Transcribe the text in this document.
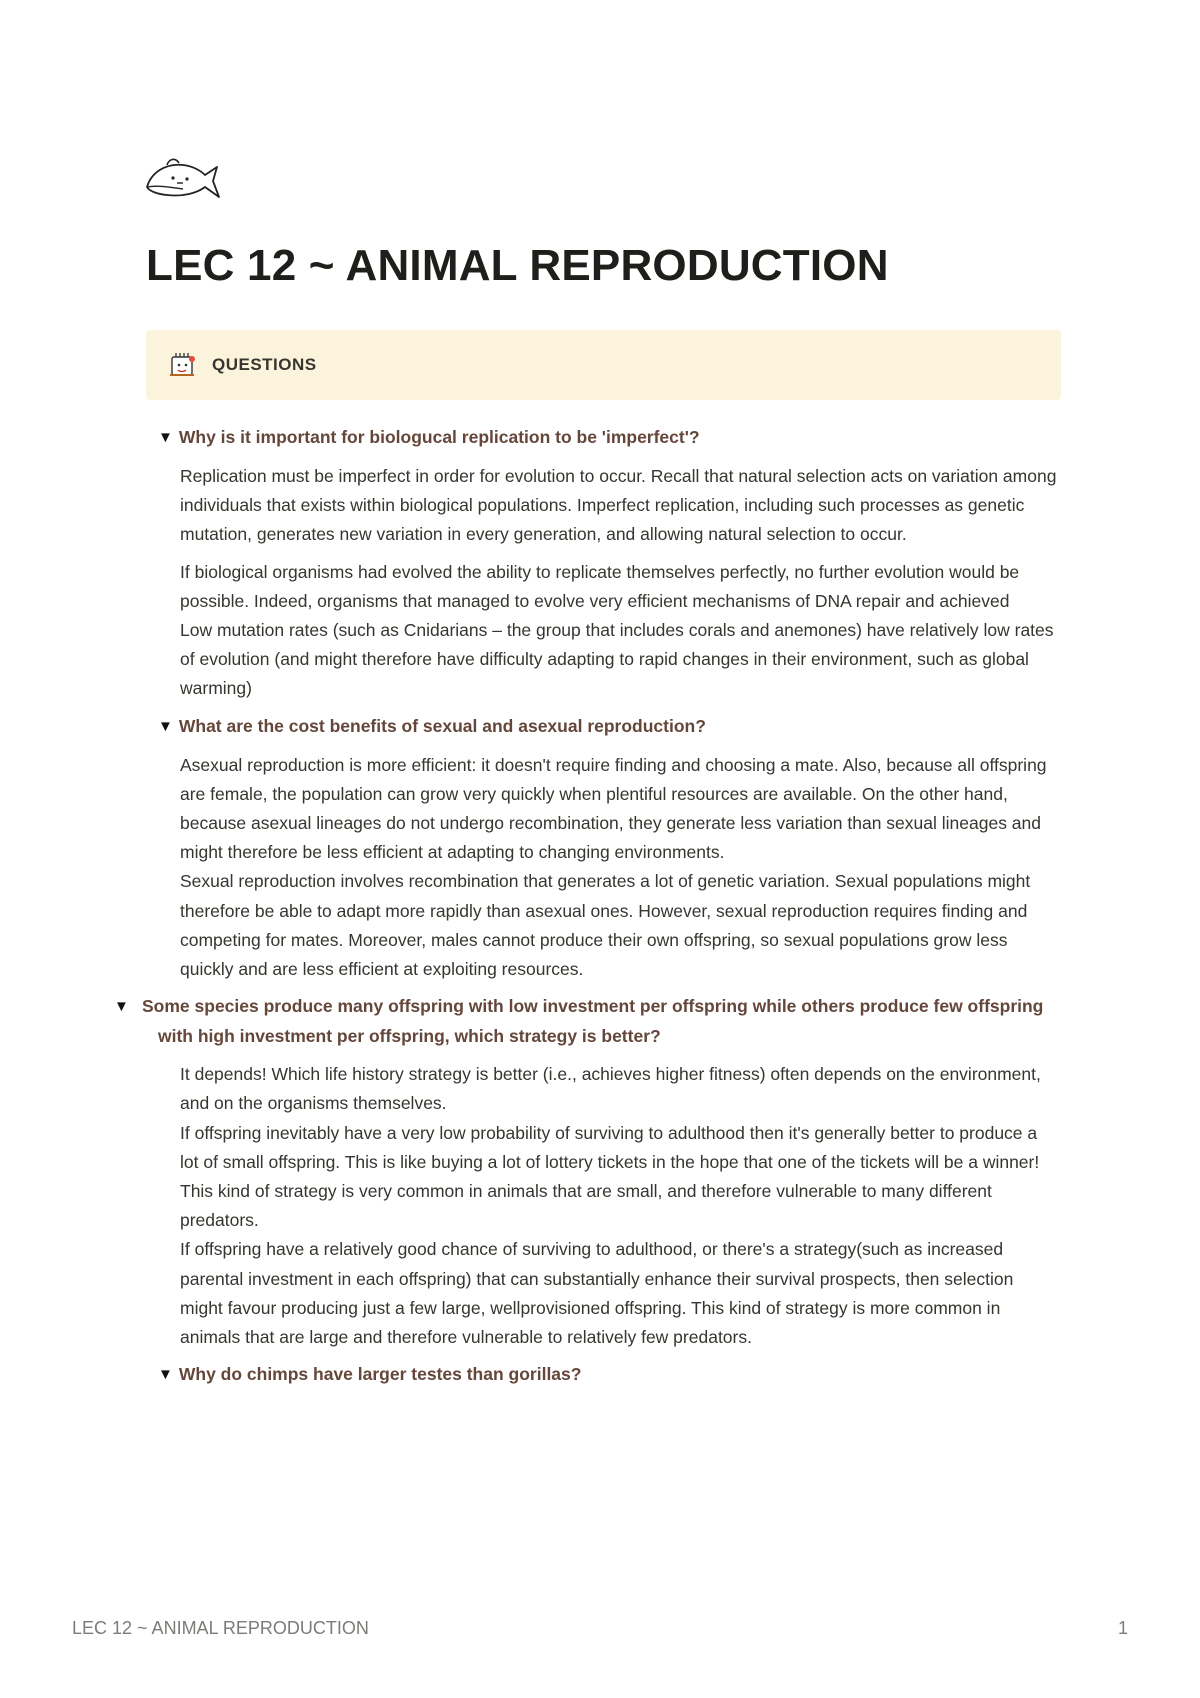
LEC 12 ~ ANIMAL REPRODUCTION
QUESTIONS
▼ Why is it important for biologucal replication to be 'imperfect'?

Replication must be imperfect in order for evolution to occur. Recall that natural selection acts on variation among individuals that exists within biological populations. Imperfect replication, including such processes as genetic mutation, generates new variation in every generation, and allowing natural selection to occur.

If biological organisms had evolved the ability to replicate themselves perfectly, no further evolution would be possible. Indeed, organisms that managed to evolve very efficient mechanisms of DNA repair and achieved
Low mutation rates (such as Cnidarians – the group that includes corals and anemones) have relatively low rates of evolution (and might therefore have difficulty adapting to rapid changes in their environment, such as global warming)

▼ What are the cost benefits of sexual and asexual reproduction?

Asexual reproduction is more efficient: it doesn't require finding and choosing a mate. Also, because all offspring are female, the population can grow very quickly when plentiful resources are available. On the other hand, because asexual lineages do not undergo recombination, they generate less variation than sexual lineages and might therefore be less efficient at adapting to changing environments.
Sexual reproduction involves recombination that generates a lot of genetic variation. Sexual populations might therefore be able to adapt more rapidly than asexual ones. However, sexual reproduction requires finding and competing for mates. Moreover, males cannot produce their own offspring, so sexual populations grow less quickly and are less efficient at exploiting resources.

▼ Some species produce many offspring with low investment per offspring while others produce few offspring with high investment per offspring, which strategy is better?

It depends! Which life history strategy is better (i.e., achieves higher fitness) often depends on the environment, and on the organisms themselves.
If offspring inevitably have a very low probability of surviving to adulthood then it's generally better to produce a lot of small offspring. This is like buying a lot of lottery tickets in the hope that one of the tickets will be a winner! This kind of strategy is very common in animals that are small, and therefore vulnerable to many different predators.
If offspring have a relatively good chance of surviving to adulthood, or there's a strategy(such as increased parental investment in each offspring) that can substantially enhance their survival prospects, then selection might favour producing just a few large, wellprovisioned offspring. This kind of strategy is more common in animals that are large and therefore vulnerable to relatively few predators.

▼ Why do chimps have larger testes than gorillas?
LEC 12 ~ ANIMAL REPRODUCTION	1
